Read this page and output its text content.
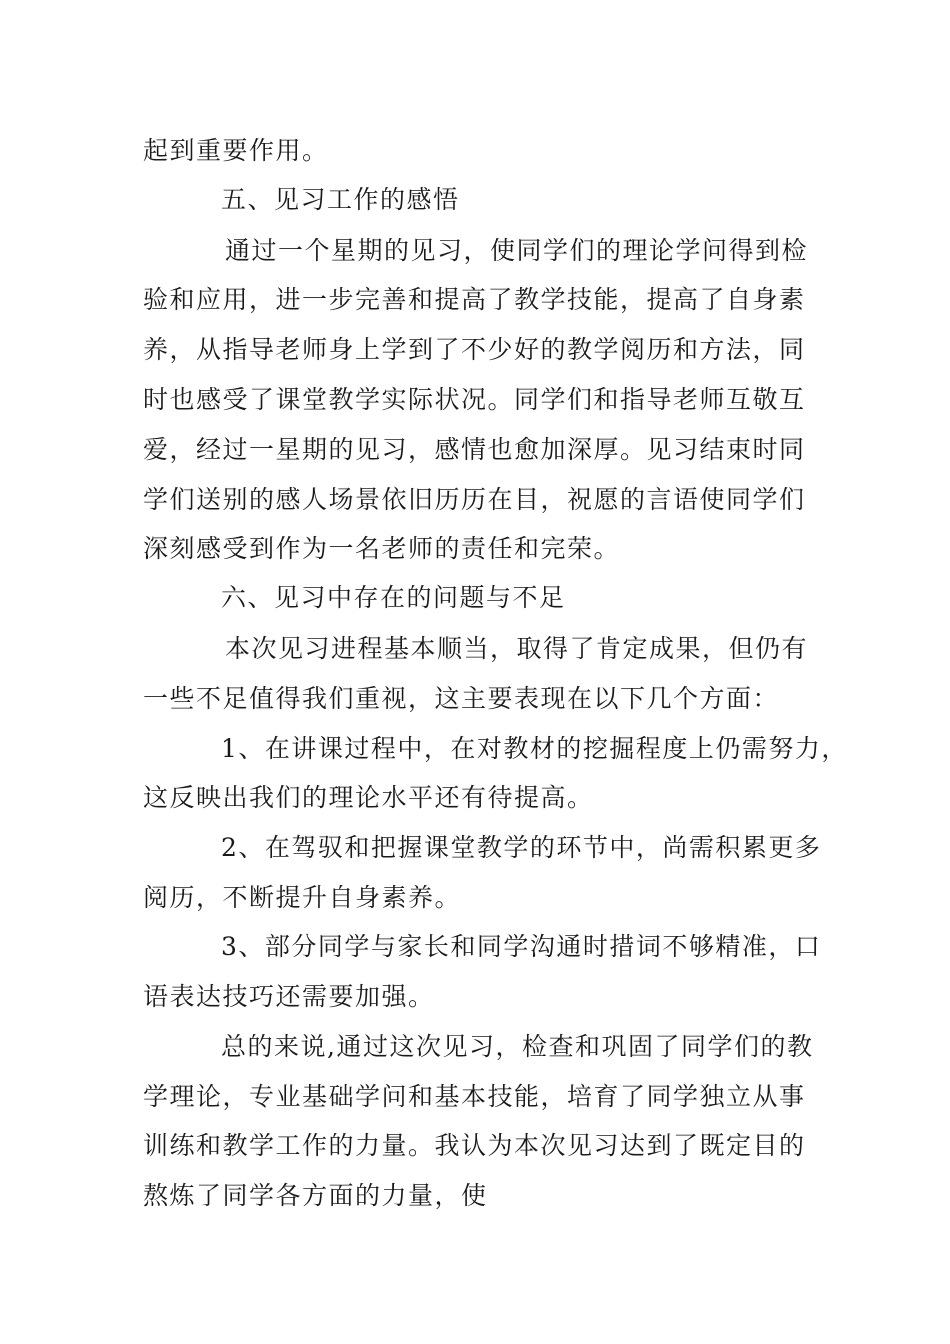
起到重要作用。
五、见习工作的感悟
通过一个星期的见习，使同学们的理论学问得到检
验和应用，进一步完善和提高了教学技能，提高了自身素
养，从指导老师身上学到了不少好的教学阅历和方法，同
时也感受了课堂教学实际状况。同学们和指导老师互敬互
爱，经过一星期的见习，感情也愈加深厚。见习结束时同
学们送别的感人场景依旧历历在目，祝愿的言语使同学们
深刻感受到作为一名老师的责任和完荣。
六、见习中存在的问题与不足
本次见习进程基本顺当，取得了肯定成果，但仍有
一些不足值得我们重视，这主要表现在以下几个方面：
1、在讲课过程中，在对教材的挖掘程度上仍需努力，
这反映出我们的理论水平还有待提高。
2、在驾驭和把握课堂教学的环节中，尚需积累更多
阅历，不断提升自身素养。
3、部分同学与家长和同学沟通时措词不够精准，口
语表达技巧还需要加强。
总的来说,通过这次见习，检查和巩固了同学们的教
学理论，专业基础学问和基本技能，培育了同学独立从事
训练和教学工作的力量。我认为本次见习达到了既定目的
熬炼了同学各方面的力量，使
